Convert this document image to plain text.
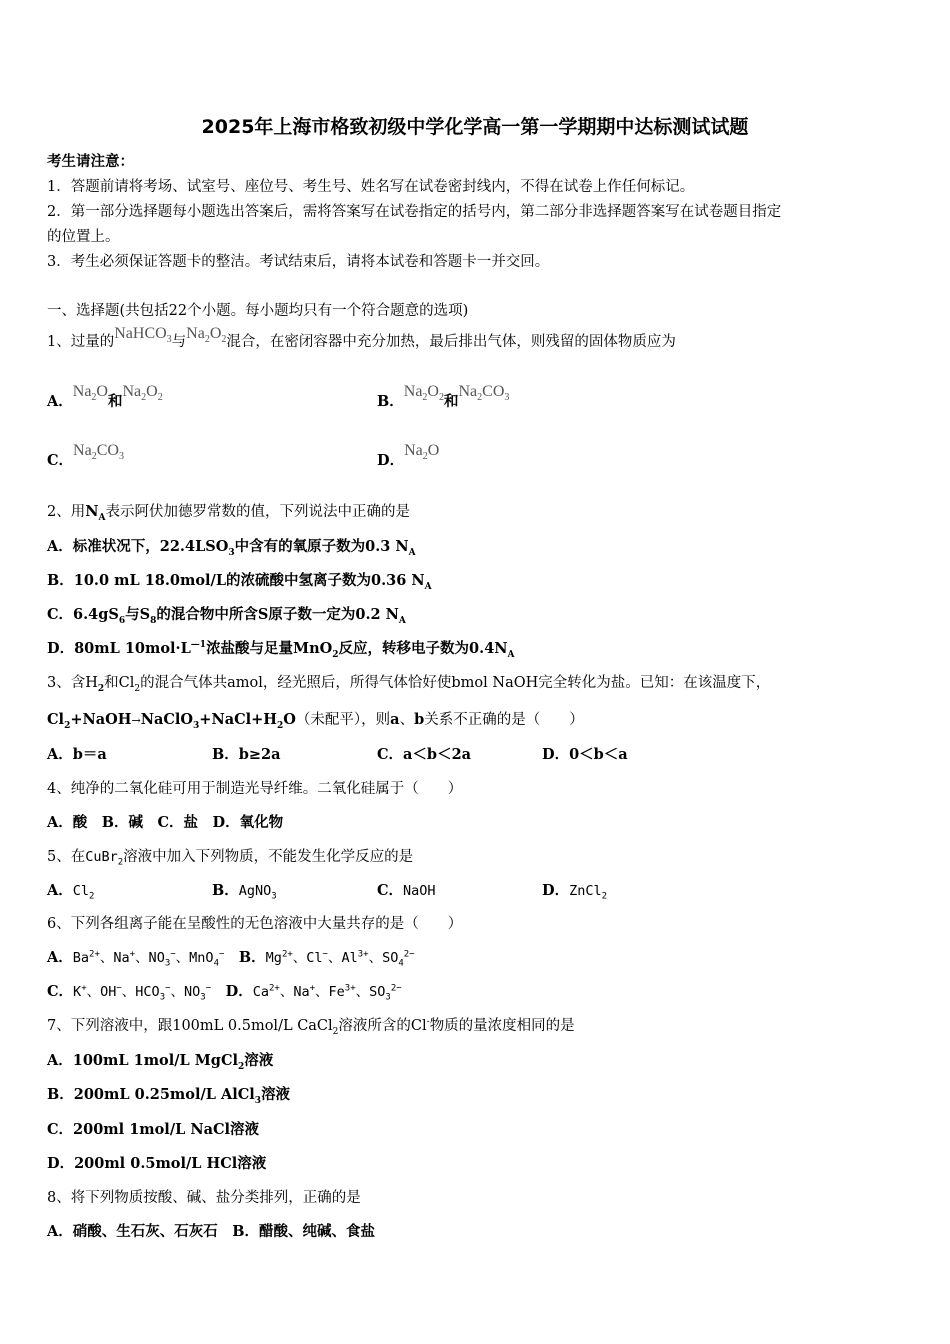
2025年上海市格致初级中学化学高一第一学期期中达标测试试题
考生请注意：
1．答题前请将考场、试室号、座位号、考生号、姓名写在试卷密封线内，不得在试卷上作任何标记。
2．第一部分选择题每小题选出答案后，需将答案写在试卷指定的括号内，第二部分非选择题答案写在试卷题目指定
的位置上。
3．考生必须保证答题卡的整洁。考试结束后，请将本试卷和答题卡一并交回。
一、选择题(共包括22个小题。每小题均只有一个符合题意的选项)
1、过量的NaHCO$_3$与$Na_2O_2$混合，在密闭容器中充分加热，最后排出气体，则残留的固体物质应为
A．$Na_2O$和$Na_2O_2$	B．$Na_2O_2$和$Na_2CO_3$
C．$Na_2CO_3$	D．$Na_2O$
2、用$N_A$表示阿伏加德罗常数的值，下列说法中正确的是
A．标准状况下，$22.4LSO_3$中含有的氧原子数为0.3 $N_A$
B．10.0 mL 18.0mol/L的浓硫酸中氢离子数为0.36 $N_A$
C．$6.4gS_6$与$S_8$的混合物中所含S原子数一定为0.2 $N_A$
D．80mL $10mol\cdot L^{—1}$浓盐酸与足量MnO$_2$反应，转移电子数为$0.4N_A$
3、含$H_2$和$Cl_2$的混合气体共amol，经光照后，所得气体恰好使bmol NaOH完全转化为盐。已知：在该温度下，
$Cl_2+NaOH\to NaClO_3+NaCl+H_2O$（未配平），则a、b关系不正确的是（　　）
A．b＝a	B．b≥2a	C．a＜b＜2a	D．0＜b＜a
4、纯净的二氧化硅可用于制造光导纤维。二氧化硅属于（　　）
A．酸　B．碱　C．盐　D．氧化物
5、在CuBr$_2$溶液中加入下列物质，不能发生化学反应的是
A．$Cl_2$	B．AgNO$_3$	C．NaOH	D．ZnCl$_2$
6、下列各组离子能在呈酸性的无色溶液中大量共存的是（　　）
A．$Ba^{2+}$、Na+、$NO_3^-$、MnO$_4$−　 B．$Mg^{2+}$、Cl−、$Al^{3+}$、$SO_4^{2-}$
C．K+、OH−、$HCO_3^-$、$NO_3^-$　 D．$Ca^{2+}$、Na+、$Fe^{3+}$、$SO_3^{2-}$
7、下列溶液中，跟100mL 0.5mol/L CaCl$_2$溶液所含的Cl-物质的量浓度相同的是
A．100mL 1mol/L MgCl$_2$溶液
B．200mL 0.25mol/L AlCl$_3$溶液
C．200ml 1mol/L NaCl溶液
D．200ml 0.5mol/L HCl溶液
8、将下列物质按酸、碱、盐分类排列，正确的是
A．硝酸、生石灰、石灰石　B．醋酸、纯碱、食盐
